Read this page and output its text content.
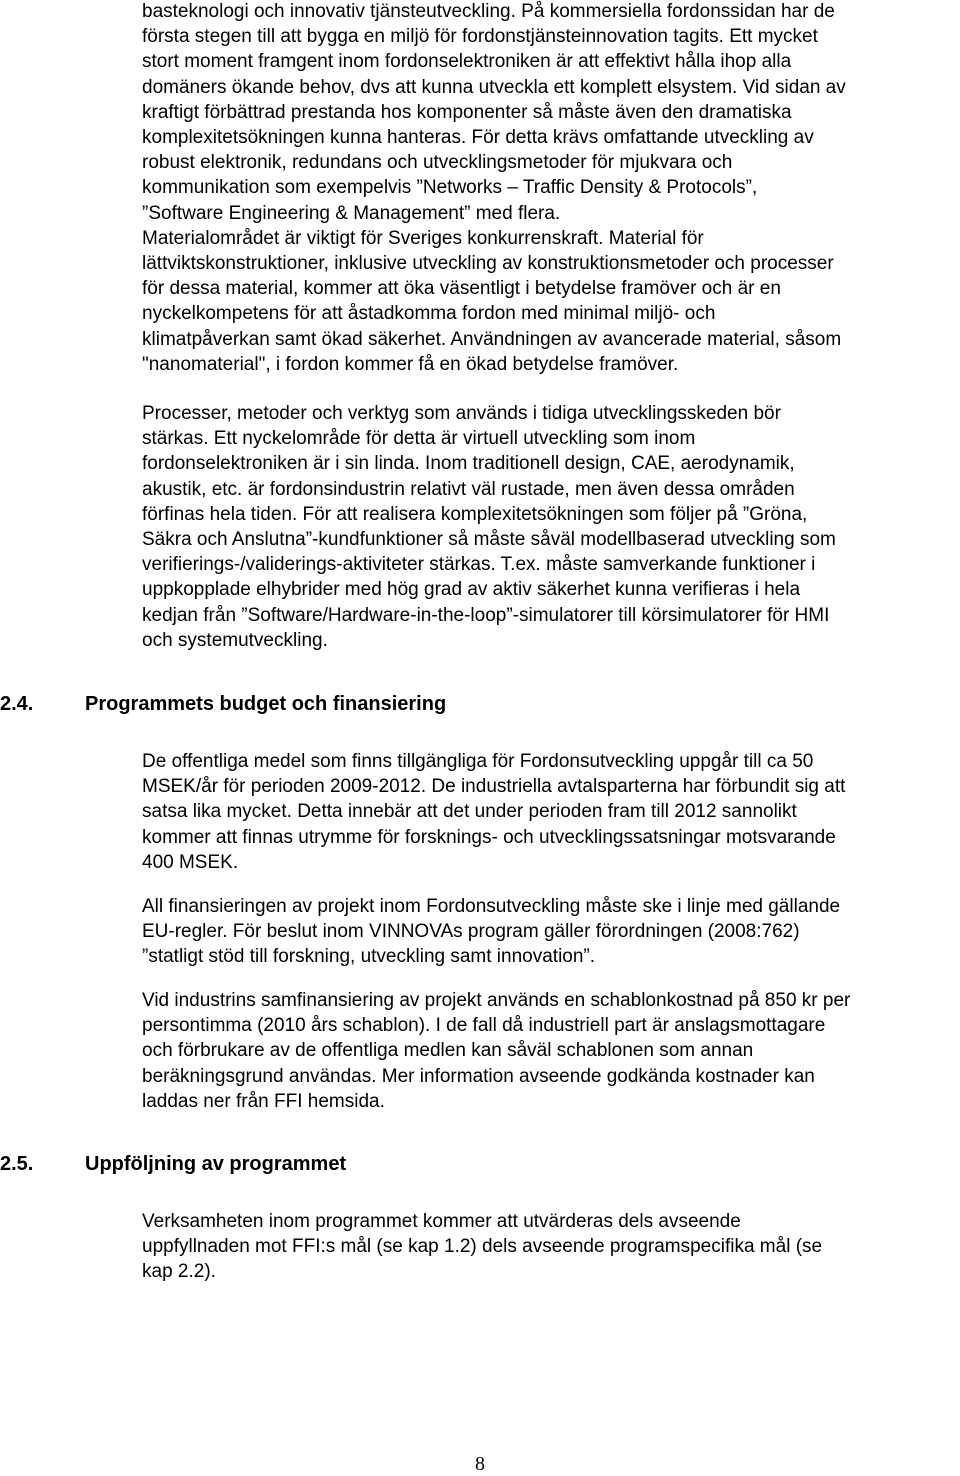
basteknologi och innovativ tjänsteutveckling. På kommersiella fordonssidan har de
första stegen till att bygga en miljö för fordonstjänsteinnovation tagits. Ett mycket
stort moment framgent inom fordonselektroniken är att effektivt hålla ihop alla
domäners ökande behov, dvs att kunna utveckla ett komplett elsystem. Vid sidan av
kraftigt förbättrad prestanda hos komponenter så måste även den dramatiska
komplexitetsökningen kunna hanteras. För detta krävs omfattande utveckling av
robust elektronik, redundans och utvecklingsmetoder för mjukvara och
kommunikation som exempelvis ”Networks – Traffic Density & Protocols”,
”Software Engineering & Management” med flera.
Materialområdet är viktigt för Sveriges konkurrenskraft. Material för
lättviktskonstruktioner, inklusive utveckling av konstruktionsmetoder och processer
för dessa material, kommer att öka väsentligt i betydelse framöver och är en
nyckelkompetens för att åstadkomma fordon med minimal miljö- och
klimatpåverkan samt ökad säkerhet. Användningen av avancerade material, såsom
"nanomaterial", i fordon kommer få en ökad betydelse framöver.
Processer, metoder och verktyg som används i tidiga utvecklingsskeden bör
stärkas. Ett nyckelområde för detta är virtuell utveckling som inom
fordonselektroniken är i sin linda. Inom traditionell design, CAE, aerodynamik,
akustik, etc. är fordonsindustrin relativt väl rustade, men även dessa områden
förfinas hela tiden. För att realisera komplexitetsökningen som följer på ”Gröna,
Säkra och Anslutna”-kundfunktioner så måste såväl modellbaserad utveckling som
verifierings-/validerings-aktiviteter stärkas. T.ex. måste samverkande funktioner i
uppkopplade elhybrider med hög grad av aktiv säkerhet kunna verifieras i hela
kedjan från ”Software/Hardware-in-the-loop”-simulatorer till körsimulatorer för HMI
och systemutveckling.
2.4.	Programmets budget och finansiering
De offentliga medel som finns tillgängliga för Fordonsutveckling uppgår till ca 50
MSEK/år för perioden 2009-2012. De industriella avtalsparterna har förbundit sig att
satsa lika mycket. Detta innebär att det under perioden fram till 2012 sannolikt
kommer att finnas utrymme för forsknings- och utvecklingssatsningar motsvarande
400 MSEK.
All finansieringen av projekt inom Fordonsutveckling måste ske i linje med gällande
EU-regler. För beslut inom VINNOVAs program gäller förordningen (2008:762)
”statligt stöd till forskning, utveckling samt innovation”.
Vid industrins samfinansiering av projekt används en schablonkostnad på 850 kr per
persontimma (2010 års schablon). I de fall då industriell part är anslagsmottagare
och förbrukare av de offentliga medlen kan såväl schablonen som annan
beräkningsgrund användas. Mer information avseende godkända kostnader kan
laddas ner från FFI hemsida.
2.5.	Uppföljning av programmet
Verksamheten inom programmet kommer att utvärderas dels avseende
uppfyllnaden mot FFI:s mål (se kap 1.2) dels avseende programspecifika mål (se
kap 2.2).

8
